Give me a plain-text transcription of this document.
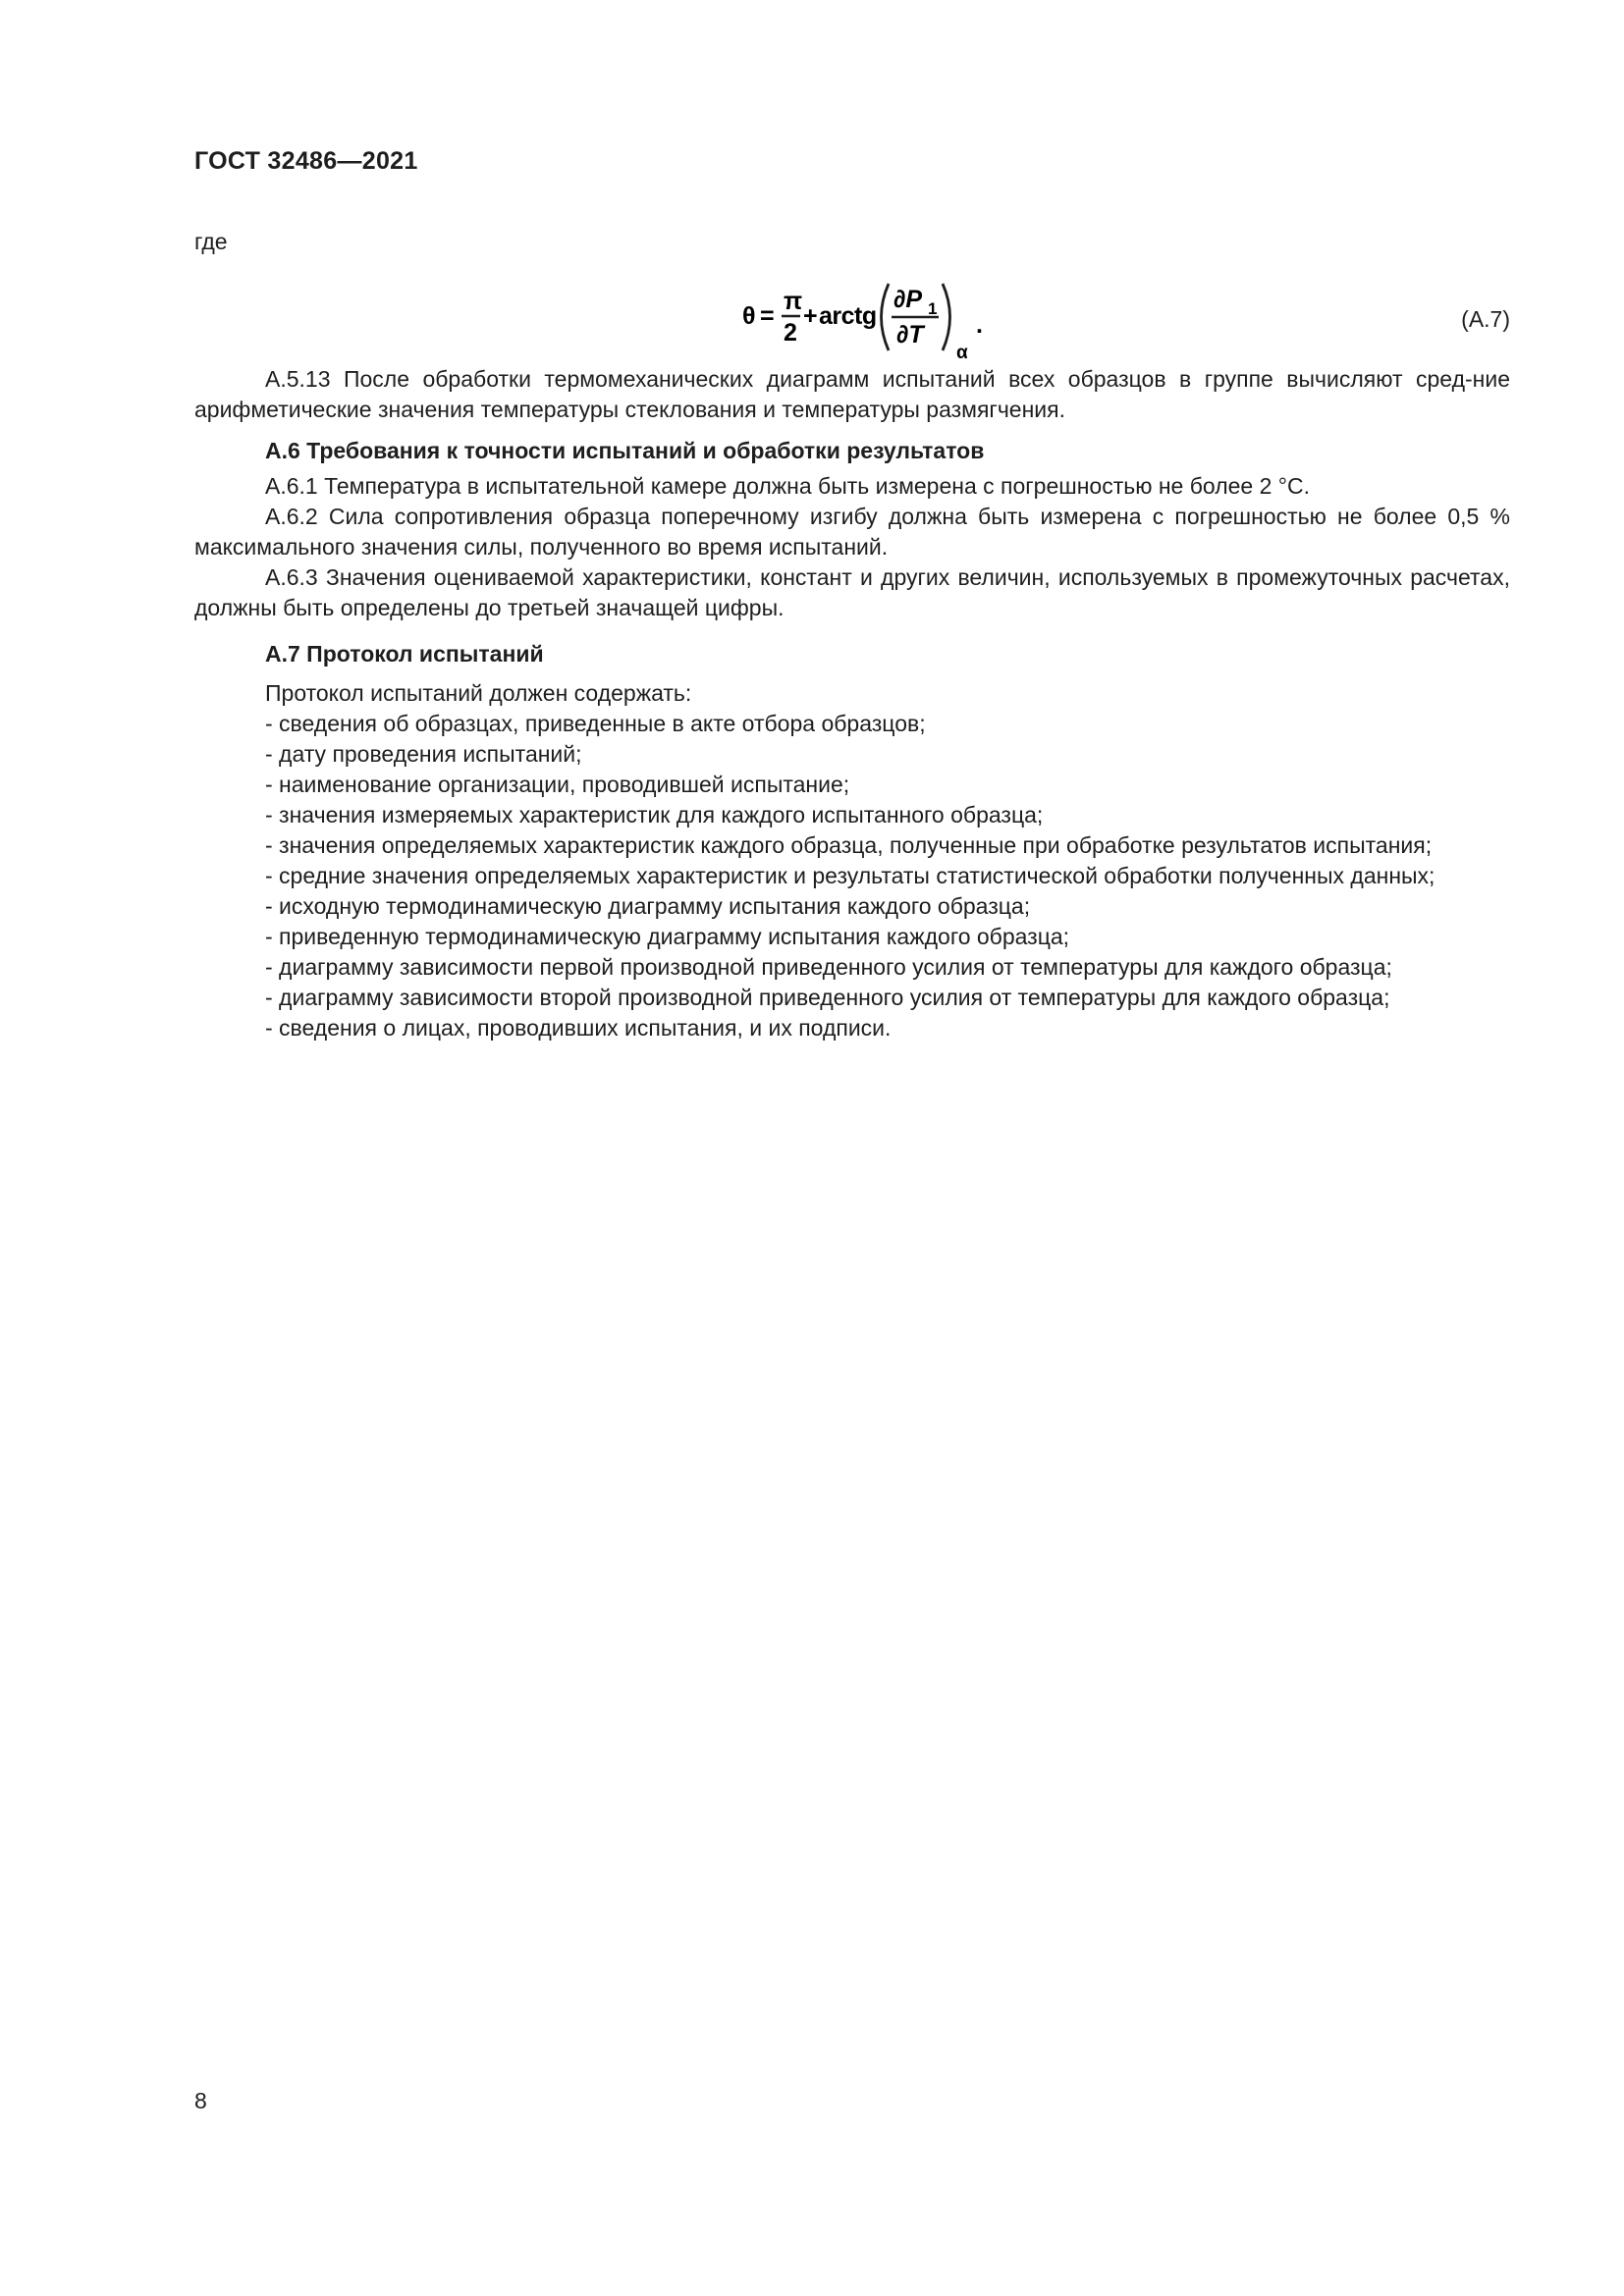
ГОСТ 32486—2021
где
θ =
π
2
+ arctg
∂P 1
∂T
α
.	(А.7)

А.5.13 После обработки термомеханических диаграмм испытаний всех образцов в группе вычисляют сред-ние арифметические значения температуры стеклования и температуры размягчения.

А.6 Требования к точности испытаний и обработки результатов

А.6.1 Температура в испытательной камере должна быть измерена с погрешностью не более 2 °С.

А.6.2 Сила сопротивления образца поперечному изгибу должна быть измерена с погрешностью не более 0,5 % максимального значения силы, полученного во время испытаний.

А.6.3 Значения оцениваемой характеристики, констант и других величин, используемых в промежуточных расчетах, должны быть определены до третьей значащей цифры.

А.7 Протокол испытаний

Протокол испытаний должен содержать:

- сведения об образцах, приведенные в акте отбора образцов;

- дату проведения испытаний;

- наименование организации, проводившей испытание;

- значения измеряемых характеристик для каждого испытанного образца;

- значения определяемых характеристик каждого образца, полученные при обработке результатов испытания;

- средние значения определяемых характеристик и результаты статистической обработки полученных данных;

- исходную термодинамическую диаграмму испытания каждого образца;

- приведенную термодинамическую диаграмму испытания каждого образца;

- диаграмму зависимости первой производной приведенного усилия от температуры для каждого образца;

- диаграмму зависимости второй производной приведенного усилия от температуры для каждого образца;

- сведения о лицах, проводивших испытания, и их подписи.

8
